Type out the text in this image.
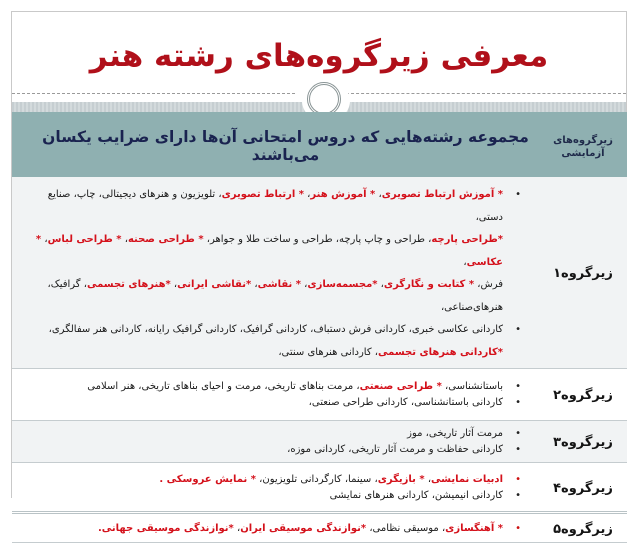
معرفی زیرگروه‌های رشته هنر
زیرگروه‌های
آزمایشی	مجموعه رشته‌هایی که دروس امتحانی آن‌ها دارای ضرایب یکسان می‌باشند
زیرگروه۱	
• * آموزش ارتباط تصویری، * آموزش هنر، * ارتباط تصویری، تلویزیون و هنرهای دیجیتالی، چاپ، صنایع دستی،
*طراحی پارچه، طراحی و چاپ پارچه، طراحی و ساخت طلا و جواهر، * طراحی صحنه، * طراحی لباس، * عکاسی،
فرش، * کتابت و نگارگری، *مجسمه‌سازی، * نقاشی، *نقاشی ایرانی، *هنرهای تجسمی، گرافیک،
هنرهای‌صناعی،
• کاردانی عکاسی خبری، کاردانی فرش دستباف، کاردانی گرافیک، کاردانی گرافیک رایانه، کاردانی هنر سفالگری،
*کاردانی هنرهای تجسمی، کاردانی هنرهای سنتی،

زیرگروه۲	• باستانشناسی، * طراحی صنعتی، مرمت بناهای تاریخی، مرمت و احیای بناهای تاریخی، هنر اسلامی
• کاردانی باستانشناسی، کاردانی طراحی صنعتی،

زیرگروه۳	• مرمت آثار تاریخی، موز
• کاردانی حفاظت و مرمت آثار تاریخی، کاردانی موزه،

زیرگروه۴	• ادبیات نمایشی، * بازیگری، سینما، کارگردانی تلویزیون، * نمایش عروسکی .
• کاردانی انیمیشن، کاردانی هنرهای نمایشی

زیرگروه۵	• * آهنگسازی، موسیقی نظامی، *نوازندگی موسیقی ایران، *نوازندگی موسیقی جهانی.
